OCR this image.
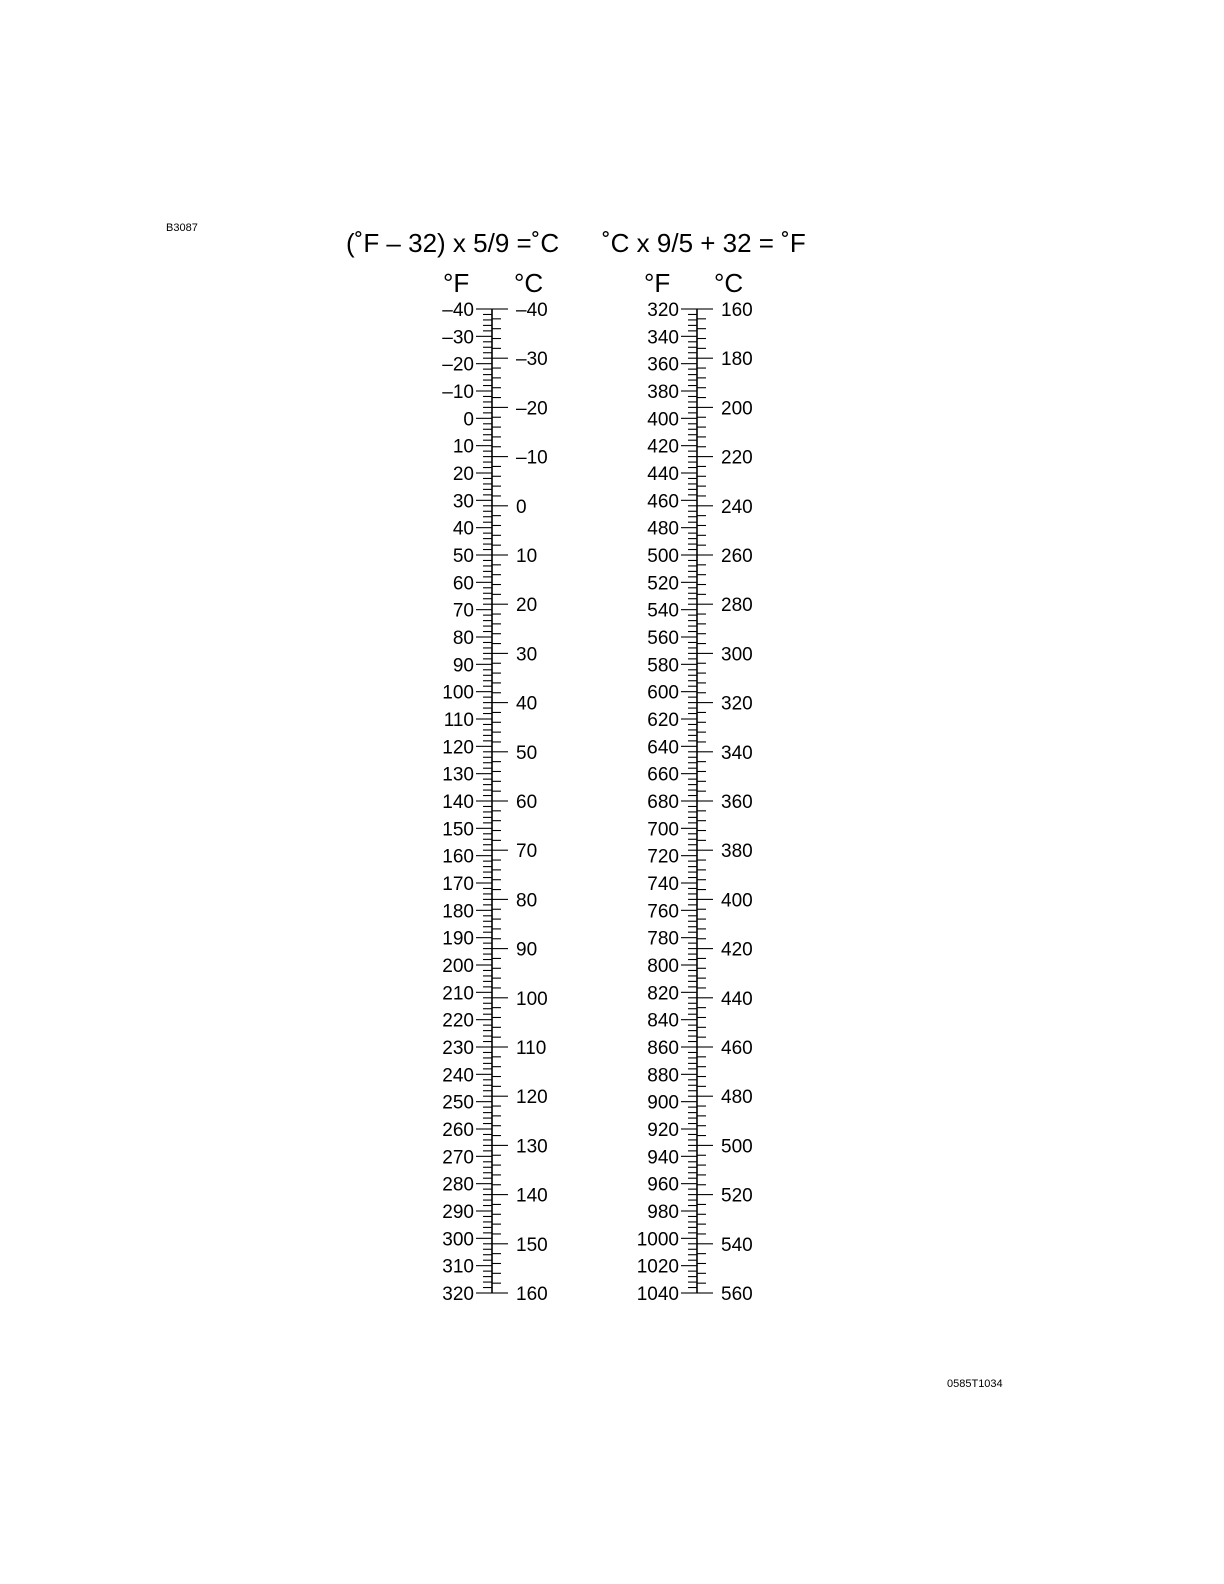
B3087	(˚F – 32) x 5/9 =˚C ˚C x 9/5 + 32 = ˚F
°F °C	°F °C
–40
–30
–20
–10
0
10
20
30
40
50
60
70
80
90
100
110
120
130
140
150
160
170
180
190
200
210
220
230
240
250
260
270
280
290
300
310
320
–40
–30
–20
–10
0
10
20
30
40
50
60
70
80
90
100
110
120
130
140
150
160
320
340
360
380
400
420
440
460
480
500
520
540
560
580
600
620
640
660
680
700
720
740
760
780
800
820
840
860
880
900
920
940
960
980
1000
1020
1040
160
180
200
220
240
260
280
300
320
340
360
380
400
420
440
460
480
500
520
540
560
0585T1034
